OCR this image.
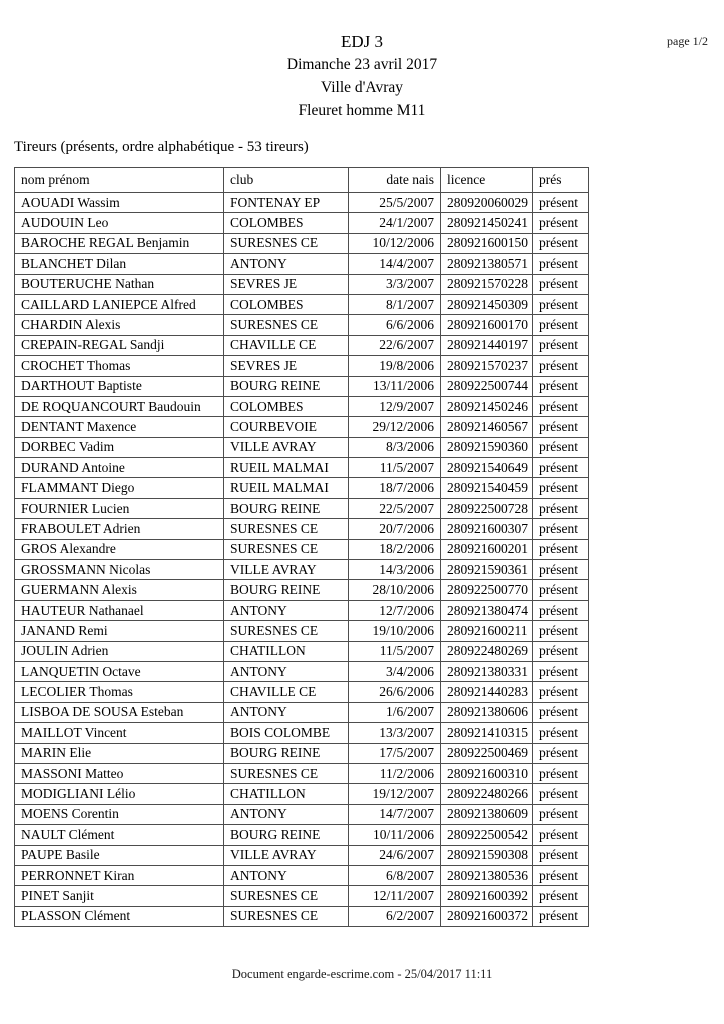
page 1/2

EDJ 3

Dimanche 23 avril 2017

Ville d'Avray

Fleuret homme M11

Tireurs (présents, ordre alphabétique - 53 tireurs)
nom prénom	club	date nais	licence	prés
AOUADI Wassim	FONTENAY EP	25/5/2007	280920060029	présent
AUDOUIN Leo	COLOMBES	24/1/2007	280921450241	présent
BAROCHE REGAL Benjamin	SURESNES CE	10/12/2006	280921600150	présent
BLANCHET Dilan	ANTONY	14/4/2007	280921380571	présent
BOUTERUCHE Nathan	SEVRES JE	3/3/2007	280921570228	présent
CAILLARD LANIEPCE Alfred	COLOMBES	8/1/2007	280921450309	présent
CHARDIN Alexis	SURESNES CE	6/6/2006	280921600170	présent
CREPAIN-REGAL Sandji	CHAVILLE CE	22/6/2007	280921440197	présent
CROCHET Thomas	SEVRES JE	19/8/2006	280921570237	présent
DARTHOUT Baptiste	BOURG REINE	13/11/2006	280922500744	présent
DE ROQUANCOURT Baudouin	COLOMBES	12/9/2007	280921450246	présent
DENTANT Maxence	COURBEVOIE	29/12/2006	280921460567	présent
DORBEC Vadim	VILLE AVRAY	8/3/2006	280921590360	présent
DURAND Antoine	RUEIL MALMAI	11/5/2007	280921540649	présent
FLAMMANT Diego	RUEIL MALMAI	18/7/2006	280921540459	présent
FOURNIER Lucien	BOURG REINE	22/5/2007	280922500728	présent
FRABOULET Adrien	SURESNES CE	20/7/2006	280921600307	présent
GROS Alexandre	SURESNES CE	18/2/2006	280921600201	présent
GROSSMANN Nicolas	VILLE AVRAY	14/3/2006	280921590361	présent
GUERMANN Alexis	BOURG REINE	28/10/2006	280922500770	présent
HAUTEUR Nathanael	ANTONY	12/7/2006	280921380474	présent
JANAND Remi	SURESNES CE	19/10/2006	280921600211	présent
JOULIN Adrien	CHATILLON	11/5/2007	280922480269	présent
LANQUETIN Octave	ANTONY	3/4/2006	280921380331	présent
LECOLIER Thomas	CHAVILLE CE	26/6/2006	280921440283	présent
LISBOA DE SOUSA Esteban	ANTONY	1/6/2007	280921380606	présent
MAILLOT Vincent	BOIS COLOMBE	13/3/2007	280921410315	présent
MARIN Elie	BOURG REINE	17/5/2007	280922500469	présent
MASSONI Matteo	SURESNES CE	11/2/2006	280921600310	présent
MODIGLIANI Lélio	CHATILLON	19/12/2007	280922480266	présent
MOENS Corentin	ANTONY	14/7/2007	280921380609	présent
NAULT Clément	BOURG REINE	10/11/2006	280922500542	présent
PAUPE Basile	VILLE AVRAY	24/6/2007	280921590308	présent
PERRONNET Kiran	ANTONY	6/8/2007	280921380536	présent
PINET Sanjit	SURESNES CE	12/11/2007	280921600392	présent
PLASSON Clément	SURESNES CE	6/2/2007	280921600372	présent
Document engarde-escrime.com - 25/04/2017 11:11
